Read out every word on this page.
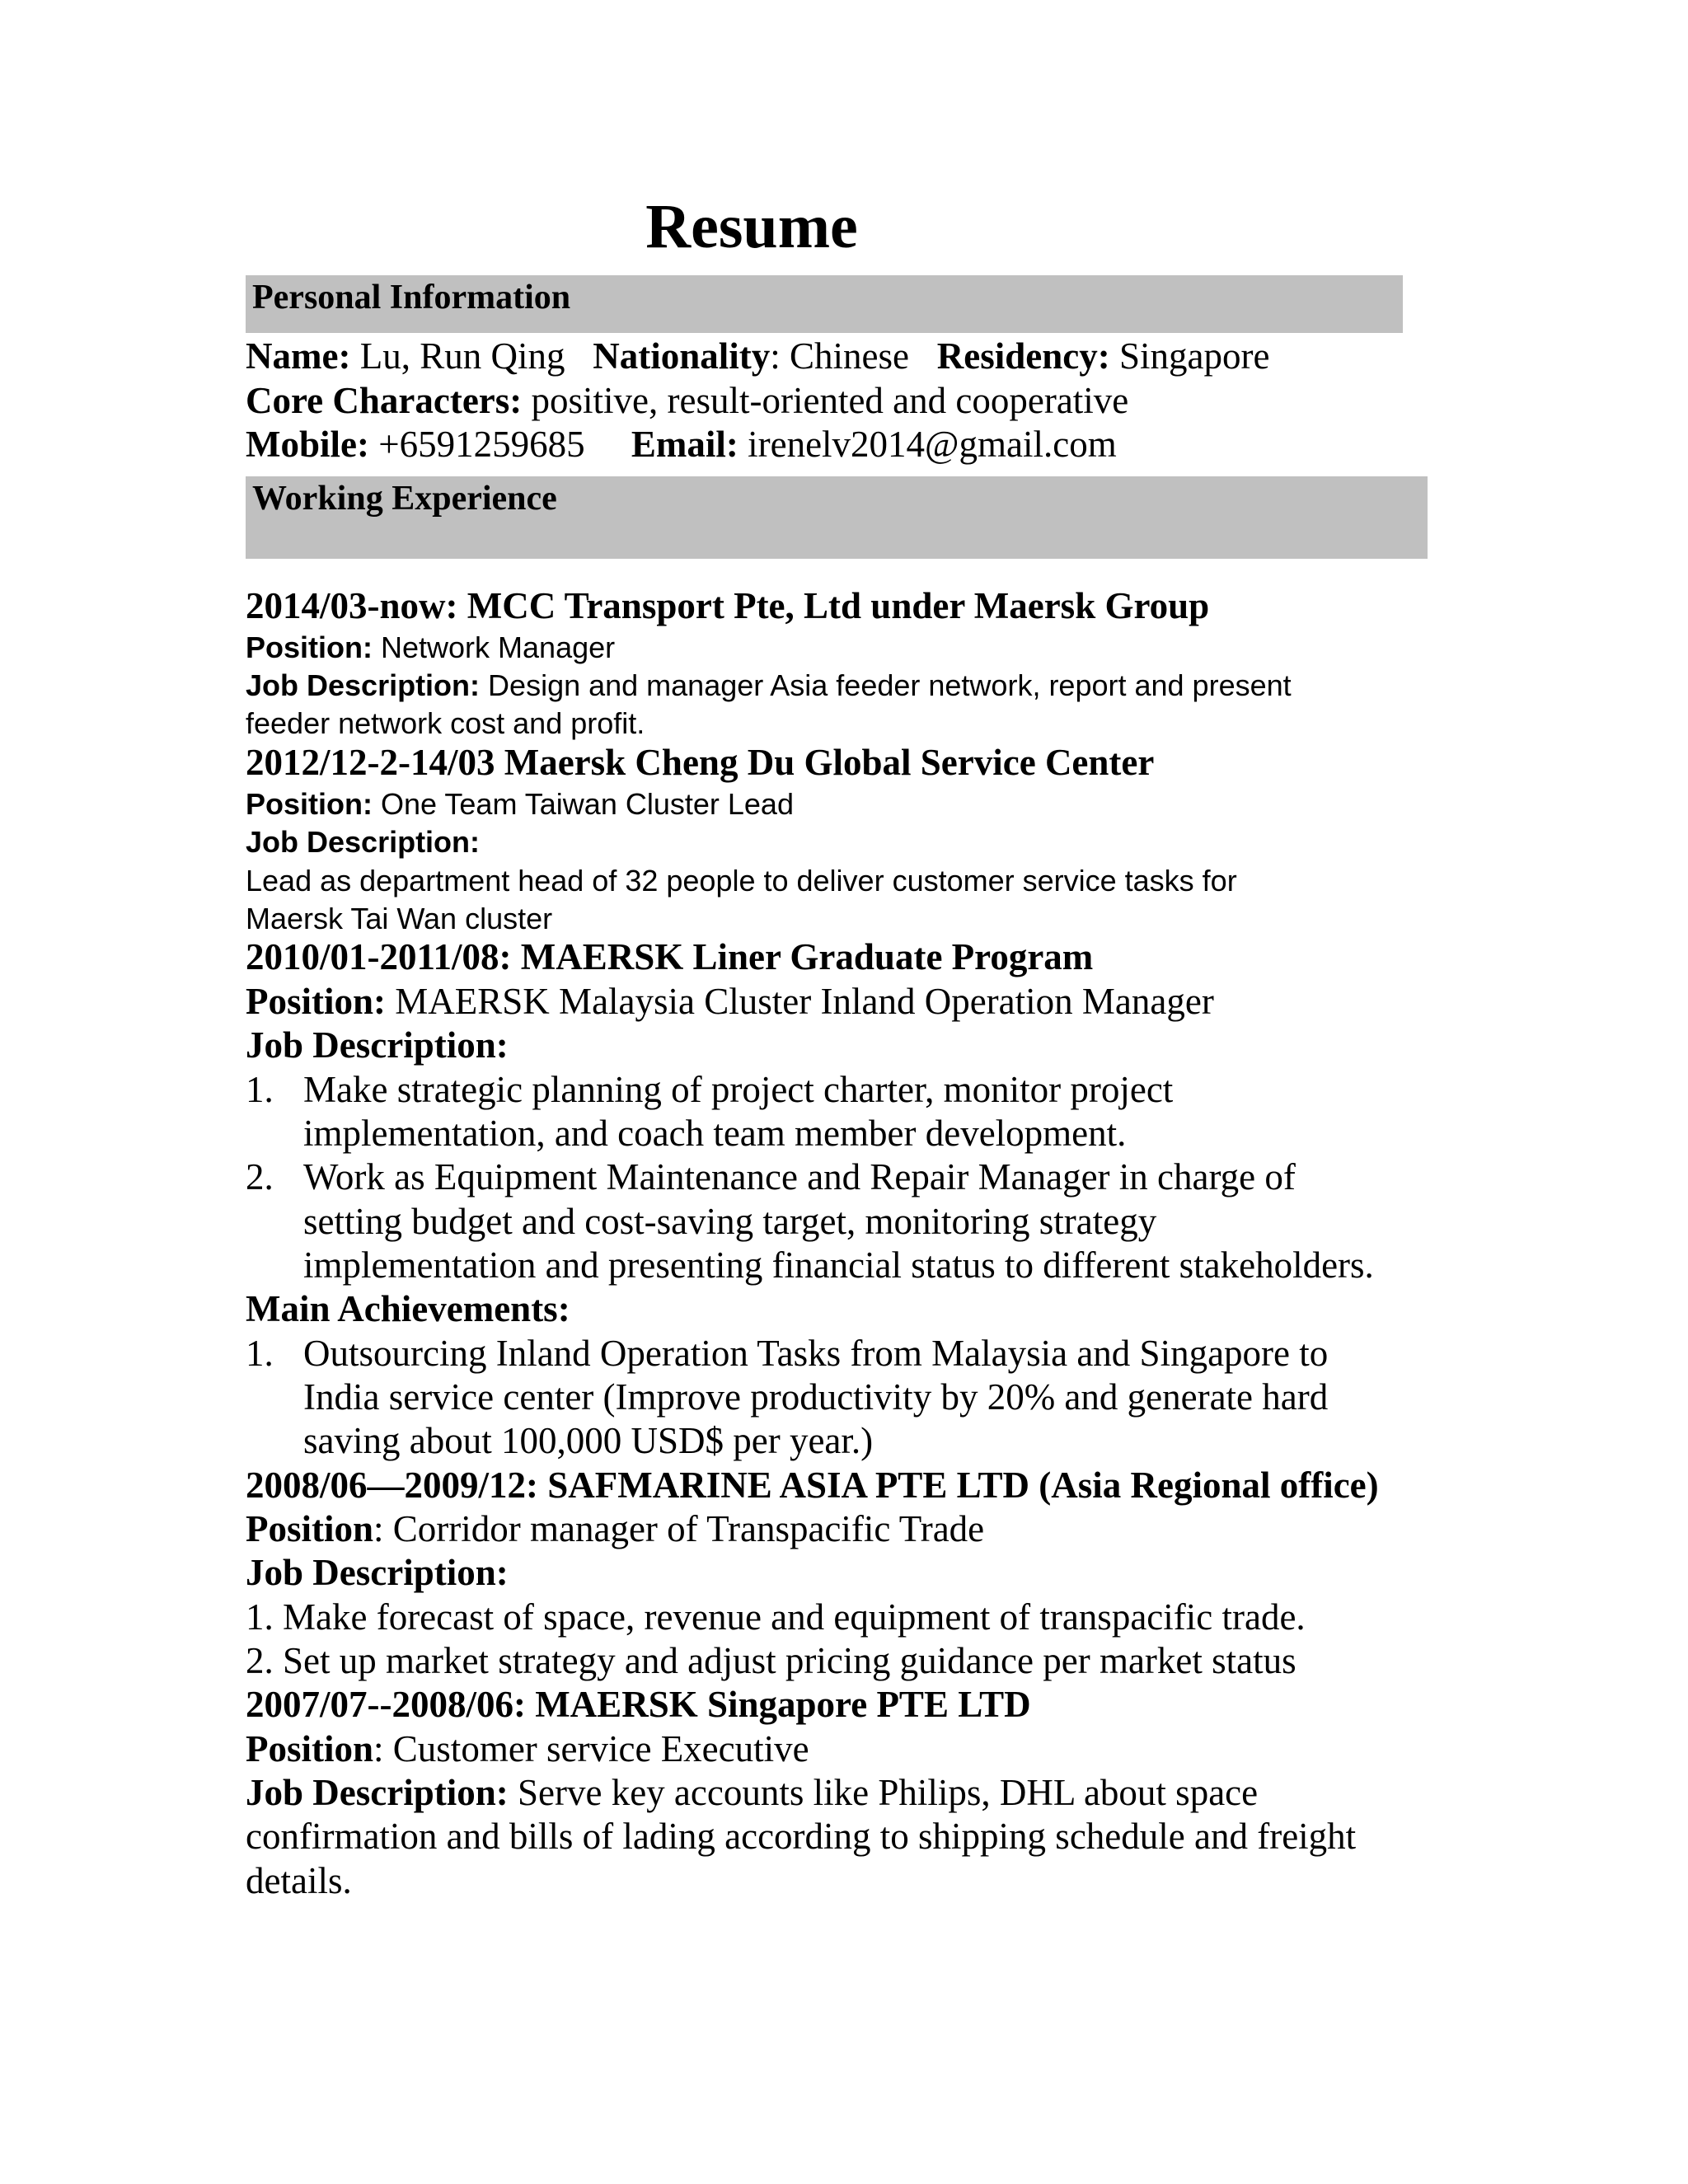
Resume
Personal Information
Name: Lu, Run Qing Nationality: Chinese Residency: Singapore
Core Characters: positive, result-oriented and cooperative
Mobile: +6591259685 Email: irenelv2014@gmail.com
Working Experience
2014/03-now: MCC Transport Pte, Ltd under Maersk Group
Position: Network Manager
Job Description: Design and manager Asia feeder network, report and present
feeder network cost and profit.
2012/12-2-14/03 Maersk Cheng Du Global Service Center
Position: One Team Taiwan Cluster Lead
Job Description:
Lead as department head of 32 people to deliver customer service tasks for
Maersk Tai Wan cluster
2010/01-2011/08: MAERSK Liner Graduate Program
Position: MAERSK Malaysia Cluster Inland Operation Manager
Job Description:
1. Make strategic planning of project charter, monitor project
implementation, and coach team member development.
2. Work as Equipment Maintenance and Repair Manager in charge of
setting budget and cost-saving target, monitoring strategy
implementation and presenting financial status to different stakeholders.
Main Achievements:
1. Outsourcing Inland Operation Tasks from Malaysia and Singapore to
India service center (Improve productivity by 20% and generate hard
saving about 100,000 USD$ per year.)
2008/06—2009/12: SAFMARINE ASIA PTE LTD (Asia Regional office)
Position: Corridor manager of Transpacific Trade
Job Description:
1. Make forecast of space, revenue and equipment of transpacific trade.
2. Set up market strategy and adjust pricing guidance per market status
2007/07--2008/06: MAERSK Singapore PTE LTD
Position: Customer service Executive
Job Description: Serve key accounts like Philips, DHL about space
confirmation and bills of lading according to shipping schedule and freight
details.
